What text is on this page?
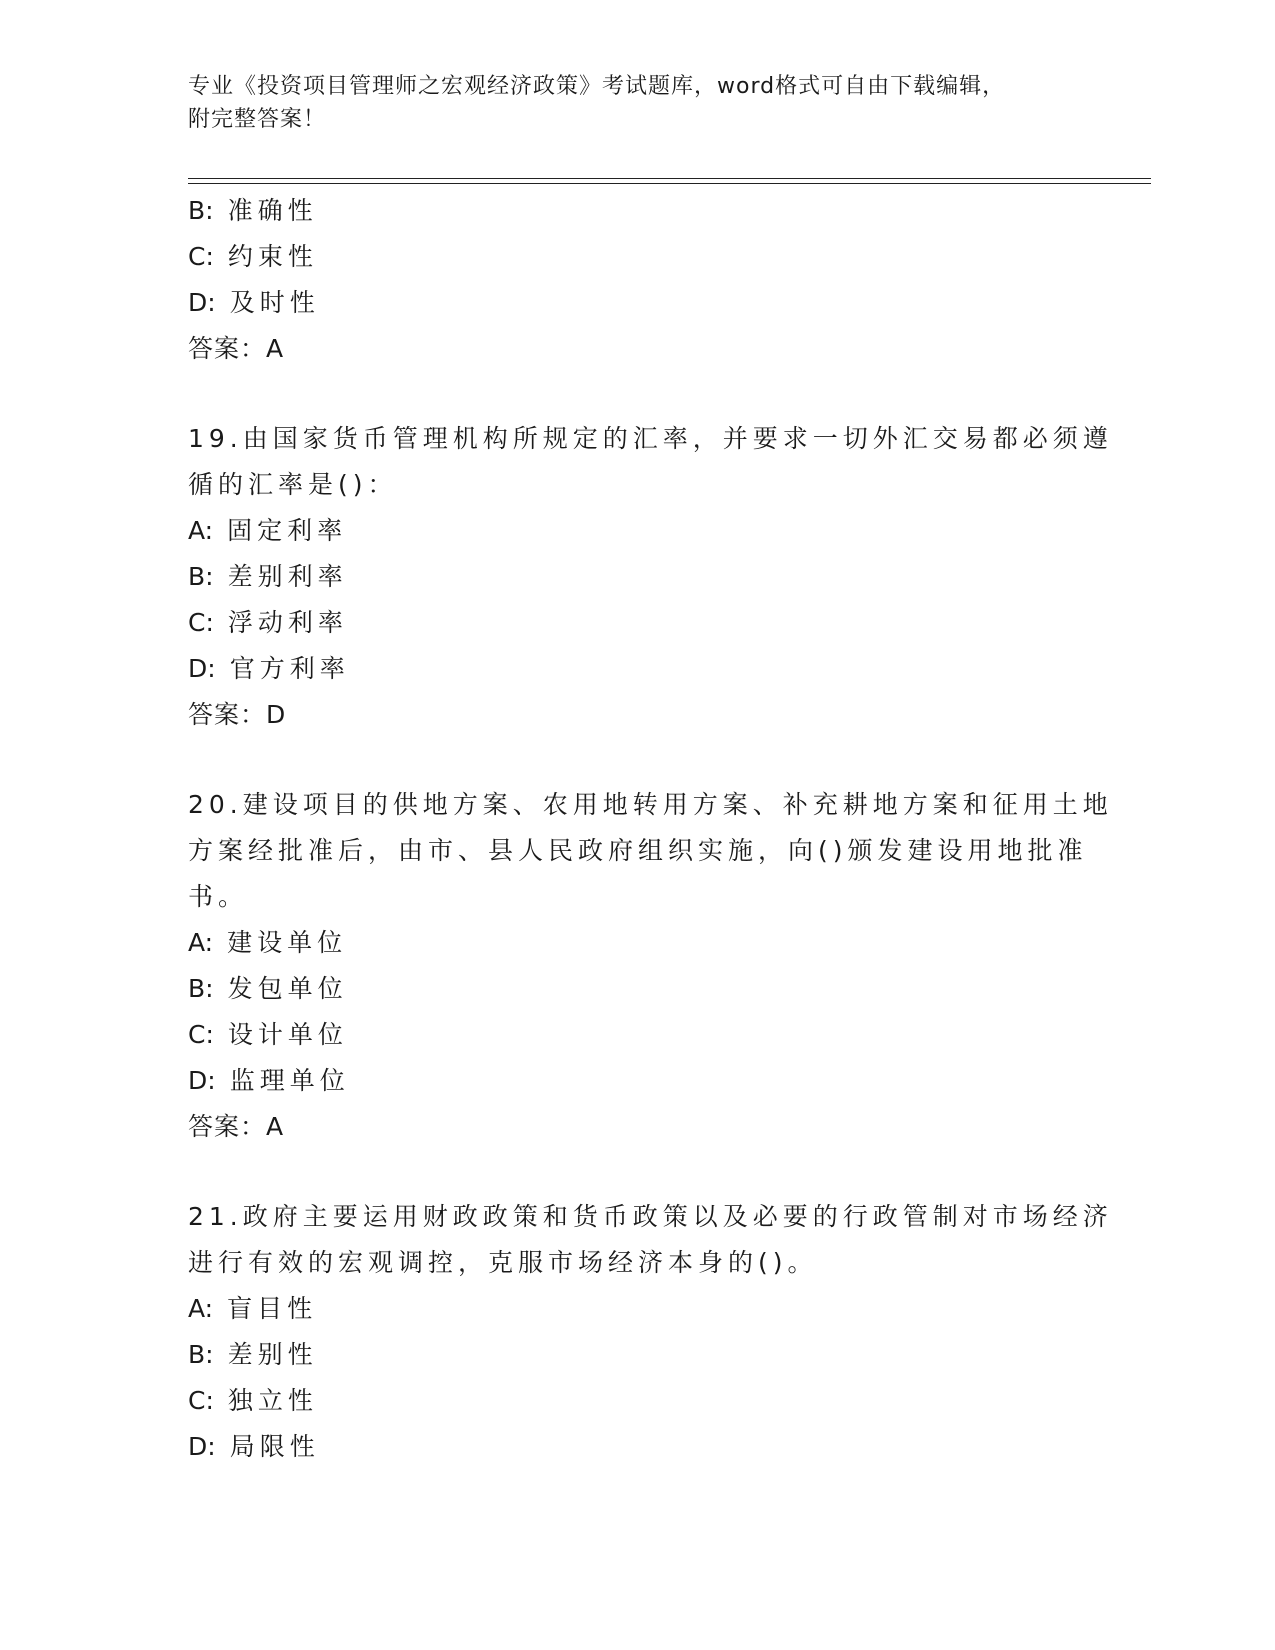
专业《投资项目管理师之宏观经济政策》考试题库，word格式可自由下载编辑，
附完整答案！
B: 准确性
C: 约束性
D: 及时性
答案：A
19.由国家货币管理机构所规定的汇率，并要求一切外汇交易都必须遵
循的汇率是()：
A: 固定利率
B: 差别利率
C: 浮动利率
D: 官方利率
答案：D
20.建设项目的供地方案、农用地转用方案、补充耕地方案和征用土地
方案经批准后，由市、县人民政府组织实施，向()颁发建设用地批准
书。
A: 建设单位
B: 发包单位
C: 设计单位
D: 监理单位
答案：A
21.政府主要运用财政政策和货币政策以及必要的行政管制对市场经济
进行有效的宏观调控，克服市场经济本身的()。
A: 盲目性
B: 差别性
C: 独立性
D: 局限性
